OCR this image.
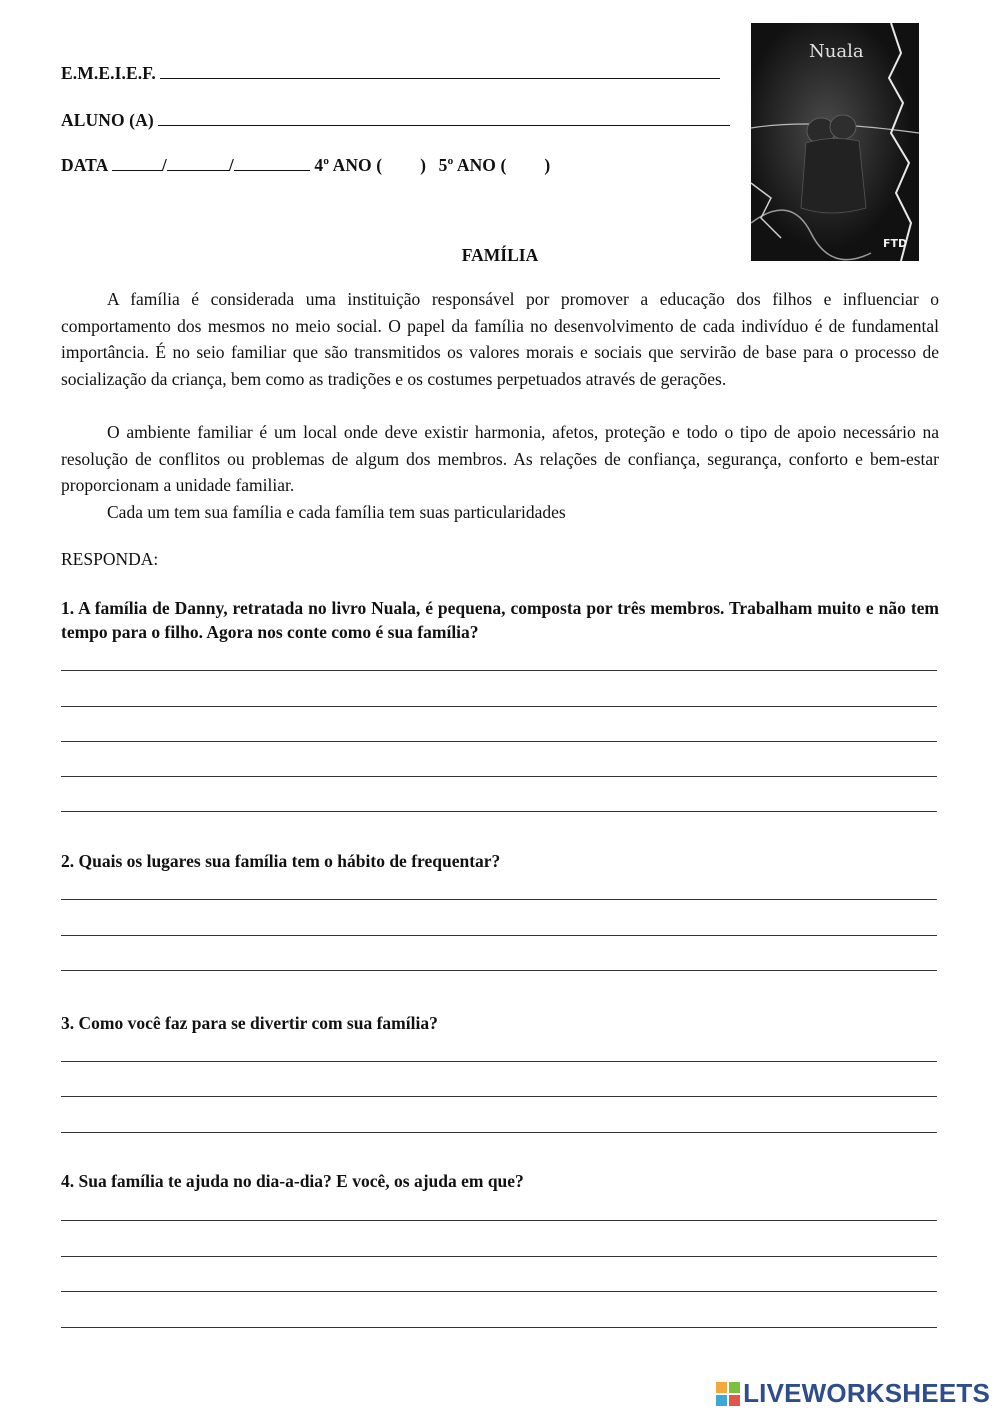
E.M.E.I.E.F.
ALUNO (A)
DATA	/	/	4º ANO ( ) 5º ANO ( )
Nuala
FTD
FAMÍLIA

A família é considerada uma instituição responsável por promover a educação dos filhos e influenciar o comportamento dos mesmos no meio social. O papel da família no desenvolvimento de cada indivíduo é de fundamental importância. É no seio familiar que são transmitidos os valores morais e sociais que servirão de base para o processo de socialização da criança, bem como as tradições e os costumes perpetuados através de gerações.

O ambiente familiar é um local onde deve existir harmonia, afetos, proteção e todo o tipo de apoio necessário na resolução de conflitos ou problemas de algum dos membros. As relações de confiança, segurança, conforto e bem-estar proporcionam a unidade familiar.

Cada um tem sua família e cada família tem suas particularidades

RESPONDA:

1. A família de Danny, retratada no livro Nuala, é pequena, composta por três membros. Trabalham muito e não tem tempo para o filho. Agora nos conte como é sua família?

2. Quais os lugares sua família tem o hábito de frequentar?

3. Como você faz para se divertir com sua família?

4. Sua família te ajuda no dia-a-dia? E você, os ajuda em que?

LIVEWORKSHEETS
